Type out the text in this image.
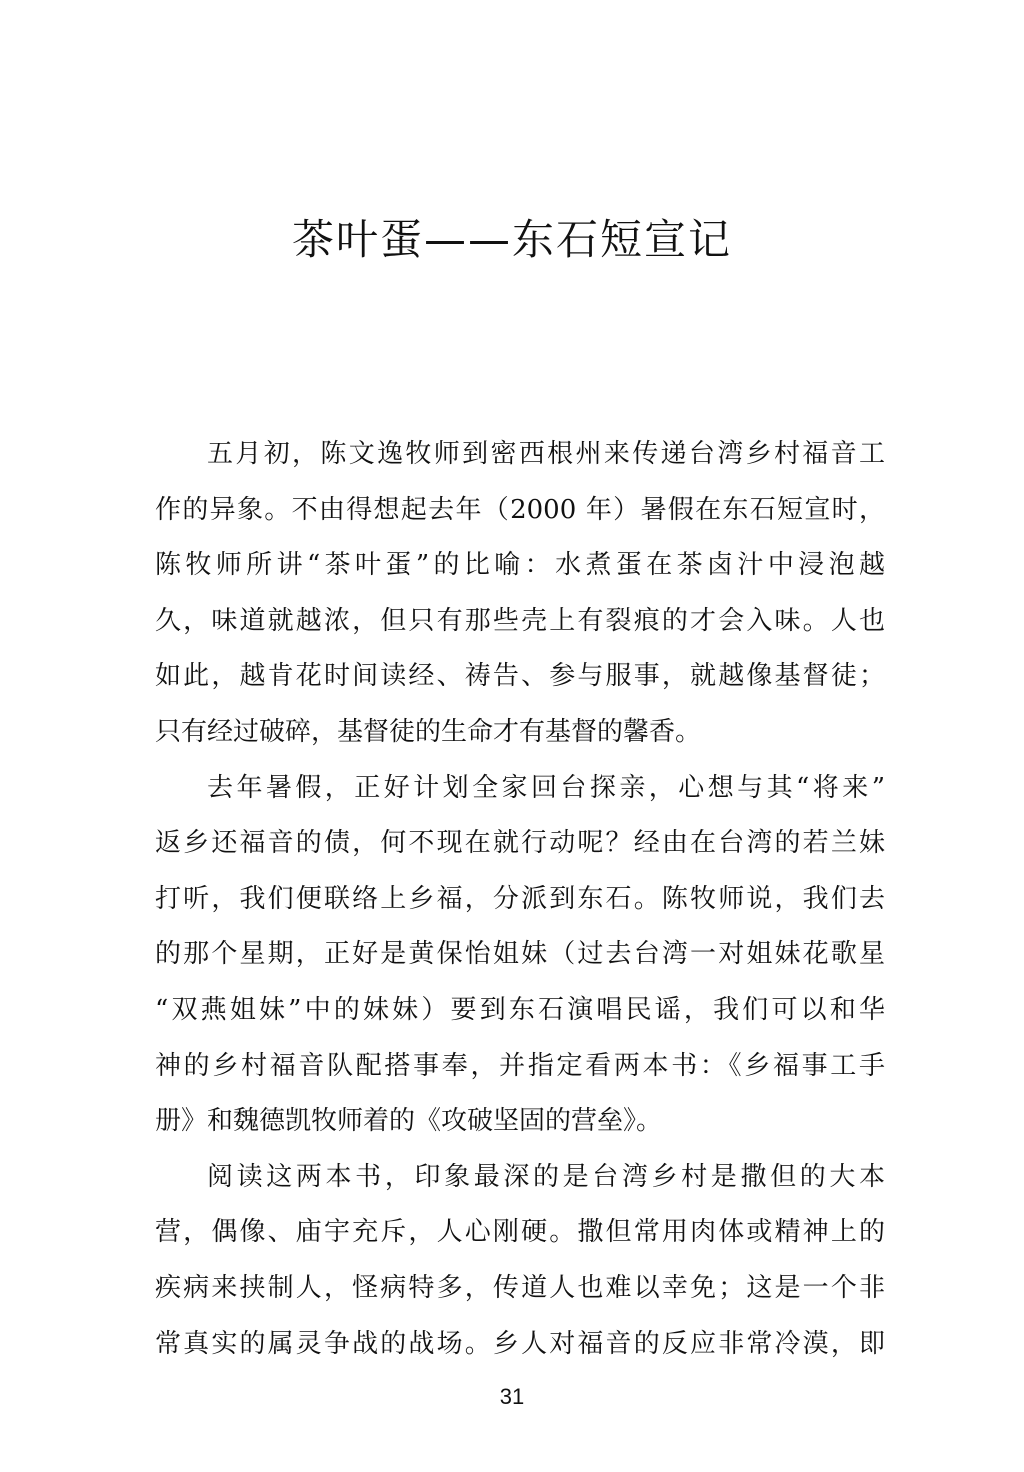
茶叶蛋——东石短宣记
五月初，陈文逸牧师到密西根州来传递台湾乡村福音工
作的异象。不由得想起去年（2000 年）暑假在东石短宣时，
陈牧师所讲“茶叶蛋”的比喻：水煮蛋在茶卤汁中浸泡越
久，味道就越浓，但只有那些壳上有裂痕的才会入味。人也
如此，越肯花时间读经、祷告、参与服事，就越像基督徒；
只有经过破碎，基督徒的生命才有基督的馨香。
去年暑假，正好计划全家回台探亲，心想与其“将来”
返乡还福音的债，何不现在就行动呢？经由在台湾的若兰妹
打听，我们便联络上乡福，分派到东石。陈牧师说，我们去
的那个星期，正好是黄保怡姐妹（过去台湾一对姐妹花歌星
“双燕姐妹”中的妹妹）要到东石演唱民谣，我们可以和华
神的乡村福音队配搭事奉，并指定看两本书：《乡福事工手
册》和魏德凯牧师着的《攻破坚固的营垒》。
阅读这两本书，印象最深的是台湾乡村是撒但的大本
营，偶像、庙宇充斥，人心刚硬。撒但常用肉体或精神上的
疾病来挟制人，怪病特多，传道人也难以幸免；这是一个非
常真实的属灵争战的战场。乡人对福音的反应非常冷漠，即
31
